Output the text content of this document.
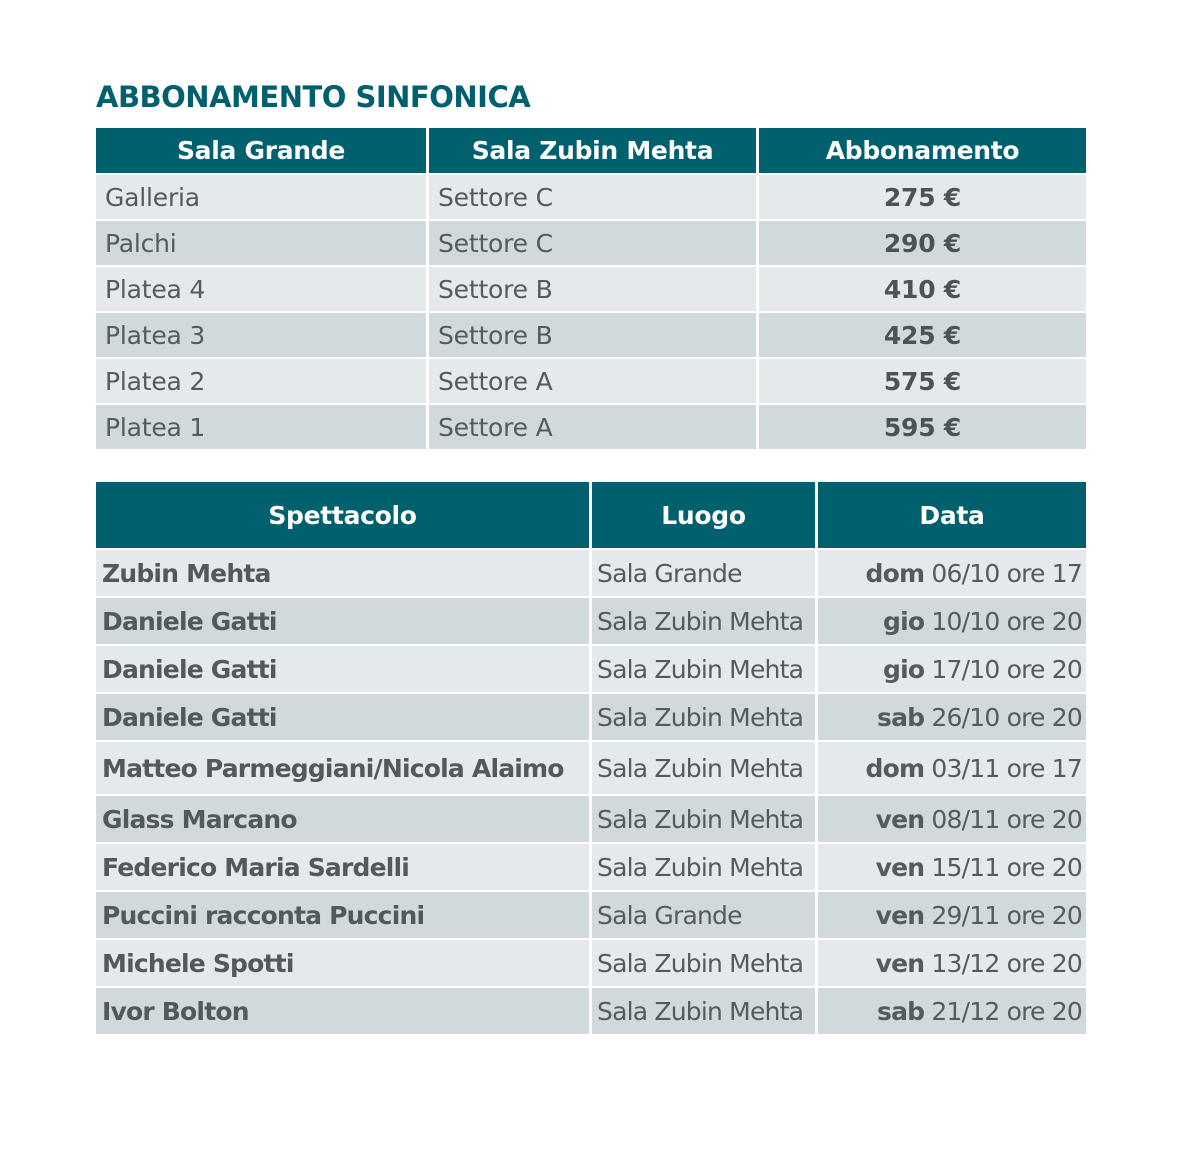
ABBONAMENTO SINFONICA
Sala Grande	Sala Zubin Mehta	Abbonamento
Galleria	Settore C	275 €
Palchi	Settore C	290 €
Platea 4	Settore B	410 €
Platea 3	Settore B	425 €
Platea 2	Settore A	575 €
Platea 1	Settore A	595 €
Spettacolo	Luogo	Data
Zubin Mehta	Sala Grande	dom 06/10 ore 17
Daniele Gatti	Sala Zubin Mehta	gio 10/10 ore 20
Daniele Gatti	Sala Zubin Mehta	gio 17/10 ore 20
Daniele Gatti	Sala Zubin Mehta	sab 26/10 ore 20
Matteo Parmeggiani/Nicola Alaimo	Sala Zubin Mehta	dom 03/11 ore 17
Glass Marcano	Sala Zubin Mehta	ven 08/11 ore 20
Federico Maria Sardelli	Sala Zubin Mehta	ven 15/11 ore 20
Puccini racconta Puccini	Sala Grande	ven 29/11 ore 20
Michele Spotti	Sala Zubin Mehta	ven 13/12 ore 20
Ivor Bolton	Sala Zubin Mehta	sab 21/12 ore 20
